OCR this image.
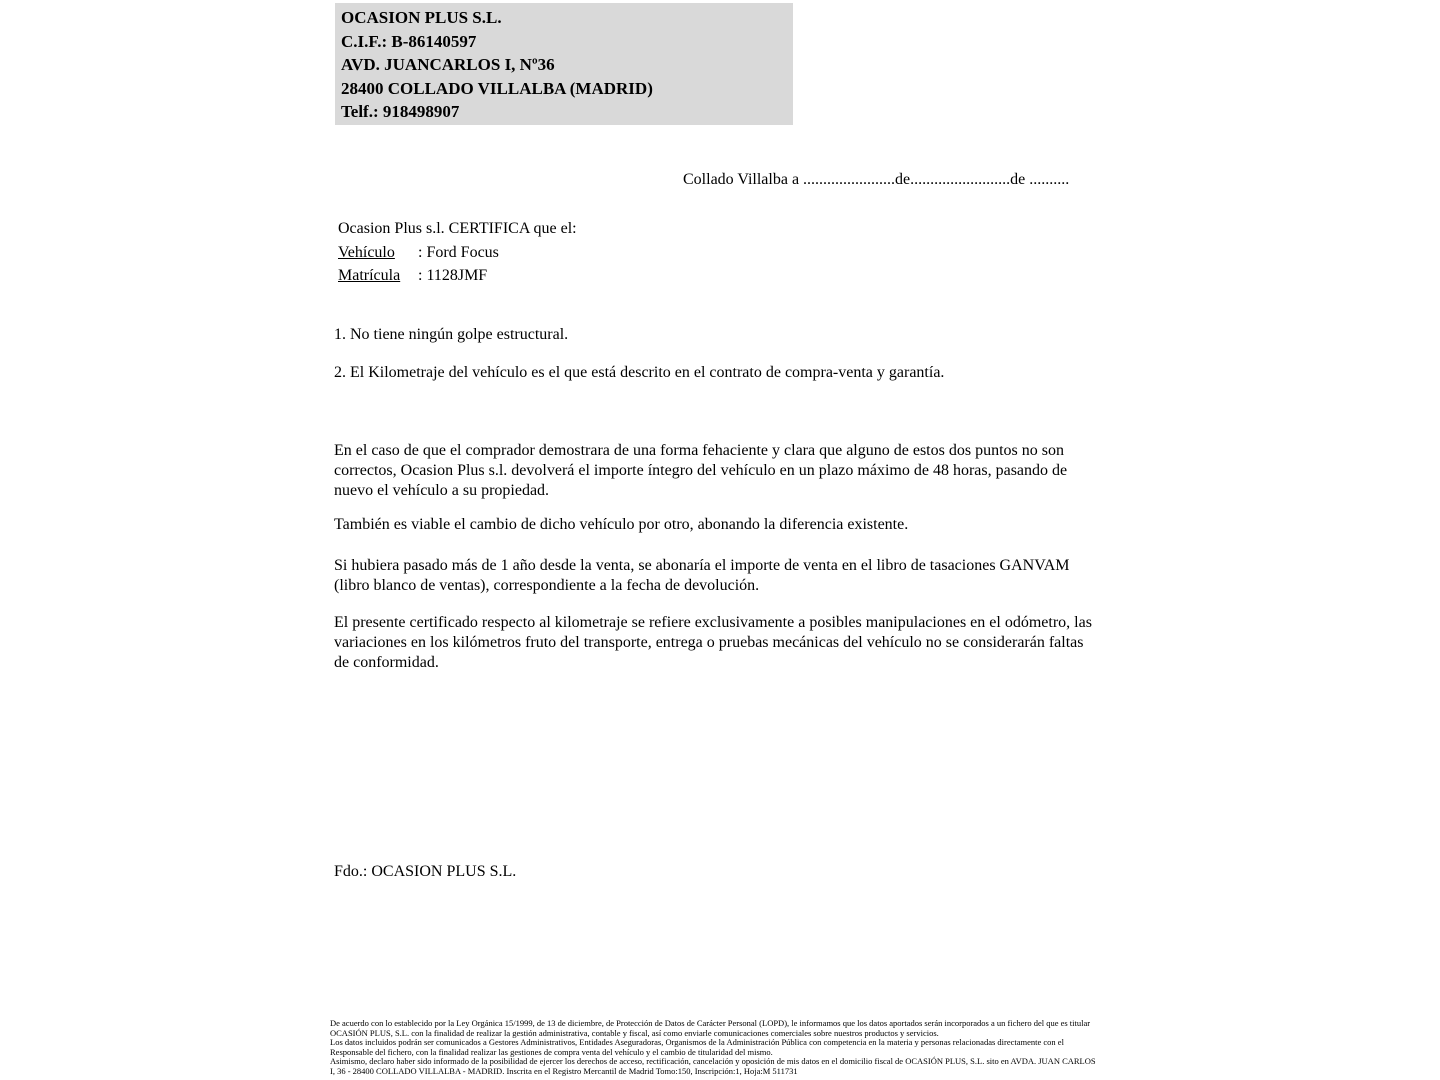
OCASION PLUS S.L.
C.I.F.: B-86140597
AVD. JUANCARLOS I, Nº36
28400 COLLADO VILLALBA (MADRID)
Telf.: 918498907
Collado Villalba a .......................de.........................de ..........
Ocasion Plus s.l. CERTIFICA que el:
Vehículo : Ford Focus
Matrícula : 1128JMF
1. No tiene ningún golpe estructural.
2. El Kilometraje del vehículo es el que está descrito en el contrato de compra-venta y garantía.
En el caso de que el comprador demostrara de una forma fehaciente y clara que alguno de estos dos puntos no son correctos, Ocasion Plus s.l. devolverá el importe íntegro del vehículo en un plazo máximo de 48 horas, pasando de nuevo el vehículo a su propiedad.
También es viable el cambio de dicho vehículo por otro, abonando la diferencia existente.
Si hubiera pasado más de 1 año desde la venta, se abonaría el importe de venta en el libro de tasaciones GANVAM (libro blanco de ventas), correspondiente a la fecha de devolución.
El presente certificado respecto al kilometraje se refiere exclusivamente a posibles manipulaciones en el odómetro, las variaciones en los kilómetros fruto del transporte, entrega o pruebas mecánicas del vehículo no se considerarán faltas de conformidad.
Fdo.: OCASION PLUS S.L.
De acuerdo con lo establecido por la Ley Orgánica 15/1999, de 13 de diciembre, de Protección de Datos de Carácter Personal (LOPD), le informamos que los datos aportados serán incorporados a un fichero del que es titular OCASIÓN PLUS, S.L. con la finalidad de realizar la gestión administrativa, contable y fiscal, así como enviarle comunicaciones comerciales sobre nuestros productos y servicios.
Los datos incluidos podrán ser comunicados a Gestores Administrativos, Entidades Aseguradoras, Organismos de la Administración Pública con competencia en la materia y personas relacionadas directamente con el Responsable del fichero, con la finalidad realizar las gestiones de compra venta del vehículo y el cambio de titularidad del mismo.
Asimismo, declaro haber sido informado de la posibilidad de ejercer los derechos de acceso, rectificación, cancelación y oposición de mis datos en el domicilio fiscal de OCASIÓN PLUS, S.L. sito en AVDA. JUAN CARLOS I, 36 - 28400 COLLADO VILLALBA - MADRID. Inscrita en el Registro Mercantil de Madrid Tomo:150, Inscripción:1, Hoja:M 511731
